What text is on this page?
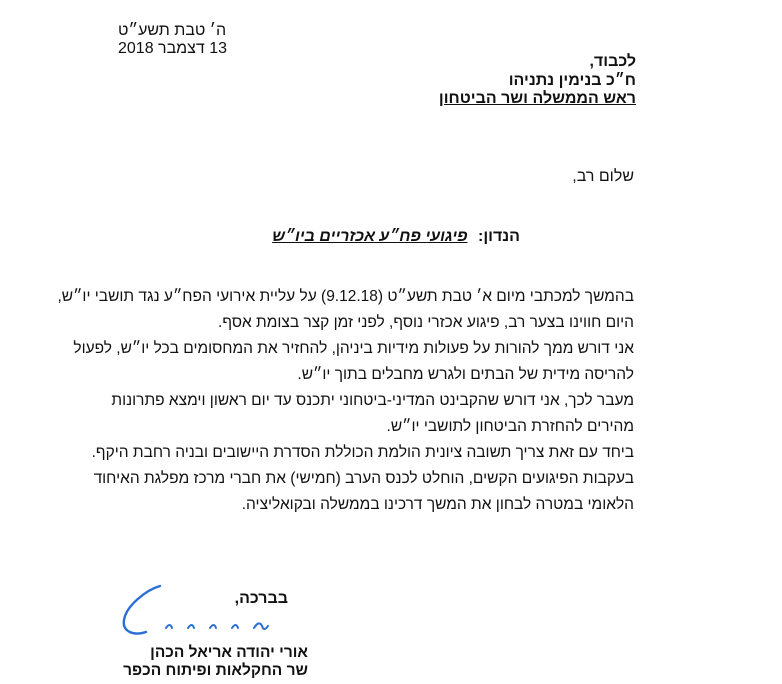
ה׳ טבת תשע״ט
13 דצמבר 2018
לכבוד,
ח״כ בנימין נתניהו
ראש הממשלה ושר הביטחון
שלום רב,
הנדון: פיגועי פח״ע אכזריים ביו״ש
בהמשך למכתבי מיום א׳ טבת תשע״ט (9.12.18) על עליית אירועי הפח״ע נגד תושבי יו״ש,
היום חווינו בצער רב, פיגוע אכזרי נוסף, לפני זמן קצר בצומת אסף.
אני דורש ממך להורות על פעולות מידיות ביניהן, להחזיר את המחסומים בכל יו״ש, לפעול
להריסה מידית של הבתים ולגרש מחבלים בתוך יו״ש.
מעבר לכך, אני דורש שהקבינט המדיני-ביטחוני יתכנס עד יום ראשון וימצא פתרונות
מהירים להחזרת הביטחון לתושבי יו״ש.
ביחד עם זאת צריך תשובה ציונית הולמת הכוללת הסדרת היישובים ובניה רחבת היקף.
בעקבות הפיגועים הקשים, הוחלט לכנס הערב (חמישי) את חברי מרכז מפלגת האיחוד
הלאומי במטרה לבחון את המשך דרכינו בממשלה ובקואליציה.
בברכה,
אורי יהודה אריאל הכהן
שר החקלאות ופיתוח הכפר
